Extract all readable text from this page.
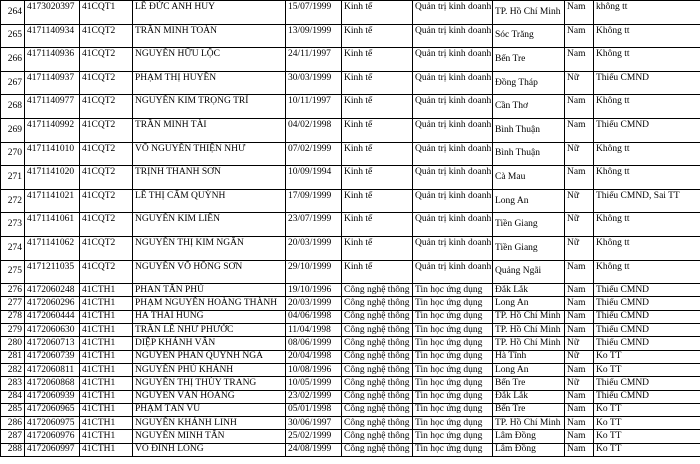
264	4173020397	41CQT1	LÊ ĐỨC ANH HUY	15/07/1999	Kinh tế	Quản trị kinh doanh	TP. Hồ Chí Minh	Nam	không tt
265	4171140934	41CQT2	TRẦN MINH TOÀN	13/09/1999	Kinh tế	Quản trị kinh doanh	Sóc Trăng	Nam	Không tt
266	4171140936	41CQT2	NGUYỄN HỮU LỘC	24/11/1997	Kinh tế	Quản trị kinh doanh	Bến Tre	Nam	Không tt
267	4171140937	41CQT2	PHẠM THỊ HUYỀN	30/03/1999	Kinh tế	Quản trị kinh doanh	Đồng Tháp	Nữ	Thiếu CMND
268	4171140977	41CQT2	NGUYỄN KIM TRỌNG TRÍ	10/11/1997	Kinh tế	Quản trị kinh doanh	Cần Thơ	Nam	Không tt
269	4171140992	41CQT2	TRẦN MINH TÀI	04/02/1998	Kinh tế	Quản trị kinh doanh	Bình Thuận	Nam	Thiếu CMND
270	4171141010	41CQT2	VÕ NGUYỄN THIỆN NHƯ	07/02/1999	Kinh tế	Quản trị kinh doanh	Bình Thuận	Nữ	Không tt
271	4171141020	41CQT2	TRỊNH THANH SƠN	10/09/1994	Kinh tế	Quản trị kinh doanh	Cà Mau	Nam	Không tt
272	4171141021	41CQT2	LÊ THỊ CẨM QUỲNH	17/09/1999	Kinh tế	Quản trị kinh doanh	Long An	Nữ	Thiếu CMND, Sai TT
273	4171141061	41CQT2	NGUYỄN KIM LIÊN	23/07/1999	Kinh tế	Quản trị kinh doanh	Tiền Giang	Nữ	Không tt
274	4171141062	41CQT2	NGUYỄN THỊ KIM NGÂN	20/03/1999	Kinh tế	Quản trị kinh doanh	Tiền Giang	Nữ	Không tt
275	4171211035	41CQT2	NGUYỄN VÕ HỒNG SƠN	29/10/1999	Kinh tế	Quản trị kinh doanh	Quảng Ngãi	Nam	Không tt
276	4172060248	41CTH1	PHAN TẤN PHÚ	19/10/1996	Công nghệ thông	Tin học ứng dụng	Đắk Lắk	Nam	Thiếu CMND
277	4172060296	41CTH1	PHẠM NGUYỄN HOÀNG THÀNH	20/03/1999	Công nghệ thông	Tin học ứng dụng	Long An	Nam	Thiếu CMND
278	4172060444	41CTH1	HÀ THÁI HÙNG	04/06/1998	Công nghệ thông	Tin học ứng dụng	TP. Hồ Chí Minh	Nam	Thiếu CMND
279	4172060630	41CTH1	TRẦN LÊ NHƯ PHƯỚC	11/04/1998	Công nghệ thông	Tin học ứng dụng	TP. Hồ Chí Minh	Nam	Thiếu CMND
280	4172060713	41CTH1	DIỆP KHÁNH VÂN	08/06/1999	Công nghệ thông	Tin học ứng dụng	TP. Hồ Chí Minh	Nữ	Thiếu CMND
281	4172060739	41CTH1	NGUYỄN PHAN QUỲNH NGA	20/04/1998	Công nghệ thông	Tin học ứng dụng	Hà Tĩnh	Nữ	Ko TT
282	4172060811	41CTH1	NGUYỄN PHÚ KHÁNH	10/08/1996	Công nghệ thông	Tin học ứng dụng	Long An	Nam	Ko TT
283	4172060868	41CTH1	NGUYỄN THỊ THÙY TRANG	10/05/1999	Công nghệ thông	Tin học ứng dụng	Bến Tre	Nữ	Thiếu CMND
284	4172060939	41CTH1	NGUYỄN VĂN HOÀNG	23/02/1999	Công nghệ thông	Tin học ứng dụng	Đắk Lắk	Nam	Thiếu CMND
285	4172060965	41CTH1	PHẠM TẤN VŨ	05/01/1998	Công nghệ thông	Tin học ứng dụng	Bến Tre	Nam	Ko TT
286	4172060975	41CTH1	NGUYỄN KHÁNH LINH	30/06/1997	Công nghệ thông	Tin học ứng dụng	TP. Hồ Chí Minh	Nam	Ko TT
287	4172060976	41CTH1	NGUYỄN MINH TẤN	25/02/1999	Công nghệ thông	Tin học ứng dụng	Lâm Đồng	Nam	Ko TT
288	4172060997	41CTH1	VÕ ĐÌNH LONG	24/08/1999	Công nghệ thông	Tin học ứng dụng	Lâm Đồng	Nam	Ko TT
